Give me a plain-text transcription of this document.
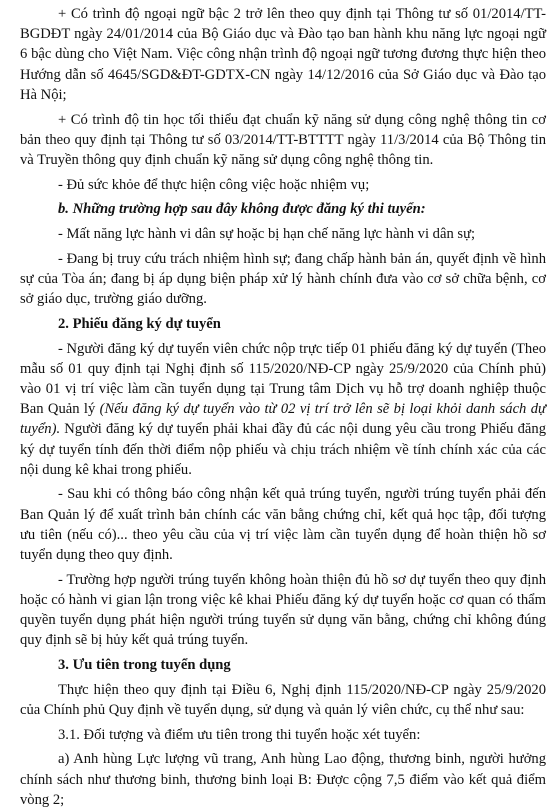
+ Có trình độ ngoại ngữ bậc 2 trở lên theo quy định tại Thông tư số 01/2014/TT-BGDĐT ngày 24/01/2014 của Bộ Giáo dục và Đào tạo ban hành khu năng lực ngoại ngữ 6 bậc dùng cho Việt Nam. Việc công nhận trình độ ngoại ngữ tương đương thực hiện theo Hướng dẫn số 4645/SGD&ĐT-GDTX-CN ngày 14/12/2016 của Sở Giáo dục và Đào tạo Hà Nội;

+ Có trình độ tin học tối thiểu đạt chuẩn kỹ năng sử dụng công nghệ thông tin cơ bản theo quy định tại Thông tư số 03/2014/TT-BTTTT ngày 11/3/2014 của Bộ Thông tin và Truyền thông quy định chuẩn kỹ năng sử dụng công nghệ thông tin.

- Đủ sức khỏe để thực hiện công việc hoặc nhiệm vụ;

b. Những trường hợp sau đây không được đăng ký thi tuyển:

- Mất năng lực hành vi dân sự hoặc bị hạn chế năng lực hành vi dân sự;

- Đang bị truy cứu trách nhiệm hình sự; đang chấp hành bản án, quyết định về hình sự của Tòa án; đang bị áp dụng biện pháp xử lý hành chính đưa vào cơ sở chữa bệnh, cơ sở giáo dục, trường giáo dưỡng.

2. Phiếu đăng ký dự tuyển

- Người đăng ký dự tuyển viên chức nộp trực tiếp 01 phiếu đăng ký dự tuyển (Theo mẫu số 01 quy định tại Nghị định số 115/2020/NĐ-CP ngày 25/9/2020 của Chính phủ) vào 01 vị trí việc làm cần tuyển dụng tại Trung tâm Dịch vụ hỗ trợ doanh nghiệp thuộc Ban Quản lý (Nếu đăng ký dự tuyển vào từ 02 vị trí trở lên sẽ bị loại khỏi danh sách dự tuyển). Người đăng ký dự tuyển phải khai đầy đủ các nội dung yêu cầu trong Phiếu đăng ký dự tuyển tính đến thời điểm nộp phiếu và chịu trách nhiệm về tính chính xác của các nội dung kê khai trong phiếu.

- Sau khi có thông báo công nhận kết quả trúng tuyển, người trúng tuyển phải đến Ban Quản lý để xuất trình bản chính các văn bằng chứng chỉ, kết quả học tập, đối tượng ưu tiên (nếu có)... theo yêu cầu của vị trí việc làm cần tuyển dụng để hoàn thiện hồ sơ tuyển dụng theo quy định.

- Trường hợp người trúng tuyển không hoàn thiện đủ hồ sơ dự tuyển theo quy định hoặc có hành vi gian lận trong việc kê khai Phiếu đăng ký dự tuyển hoặc cơ quan có thẩm quyền tuyển dụng phát hiện người trúng tuyển sử dụng văn bằng, chứng chỉ không đúng quy định sẽ bị hủy kết quả trúng tuyển.

3. Ưu tiên trong tuyển dụng

Thực hiện theo quy định tại Điều 6, Nghị định 115/2020/NĐ-CP ngày 25/9/2020 của Chính phủ Quy định về tuyển dụng, sử dụng và quản lý viên chức, cụ thể như sau:

3.1. Đối tượng và điểm ưu tiên trong thi tuyển hoặc xét tuyển:

a) Anh hùng Lực lượng vũ trang, Anh hùng Lao động, thương binh, người hưởng chính sách như thương binh, thương binh loại B: Được cộng 7,5 điểm vào kết quả điểm vòng 2;
